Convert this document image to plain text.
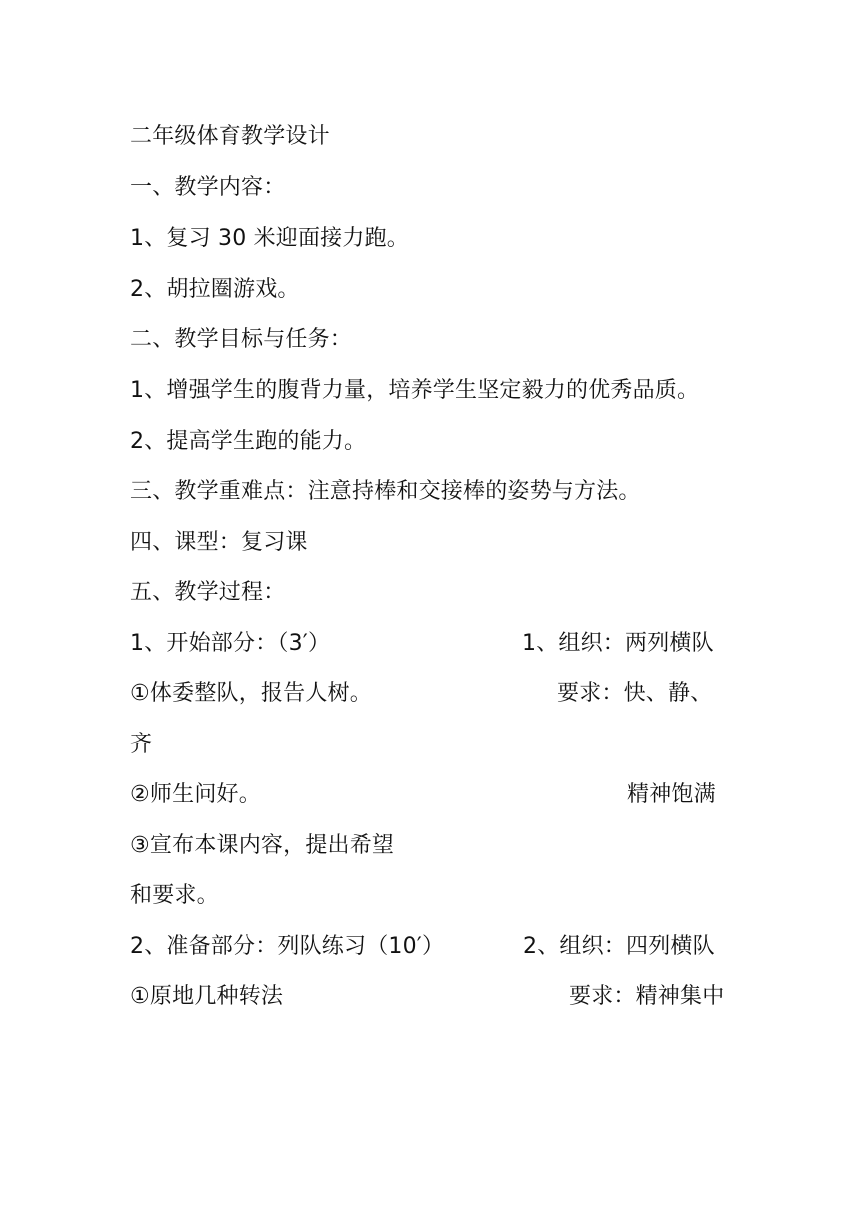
二年级体育教学设计
一、教学内容：
1、复习 30 米迎面接力跑。
2、胡拉圈游戏。
二、教学目标与任务：
1、增强学生的腹背力量，培养学生坚定毅力的优秀品质。
2、提高学生跑的能力。
三、教学重难点：注意持棒和交接棒的姿势与方法。
四、课型：复习课
五、教学过程：
1、开始部分：（3′）	1、组织：两列横队
①体委整队，报告人树。	要求：快、静、
齐
②师生问好。	精神饱满
③宣布本课内容，提出希望
和要求。
2、准备部分：列队练习（10′）	2、组织：四列横队
①原地几种转法	要求：精神集中
